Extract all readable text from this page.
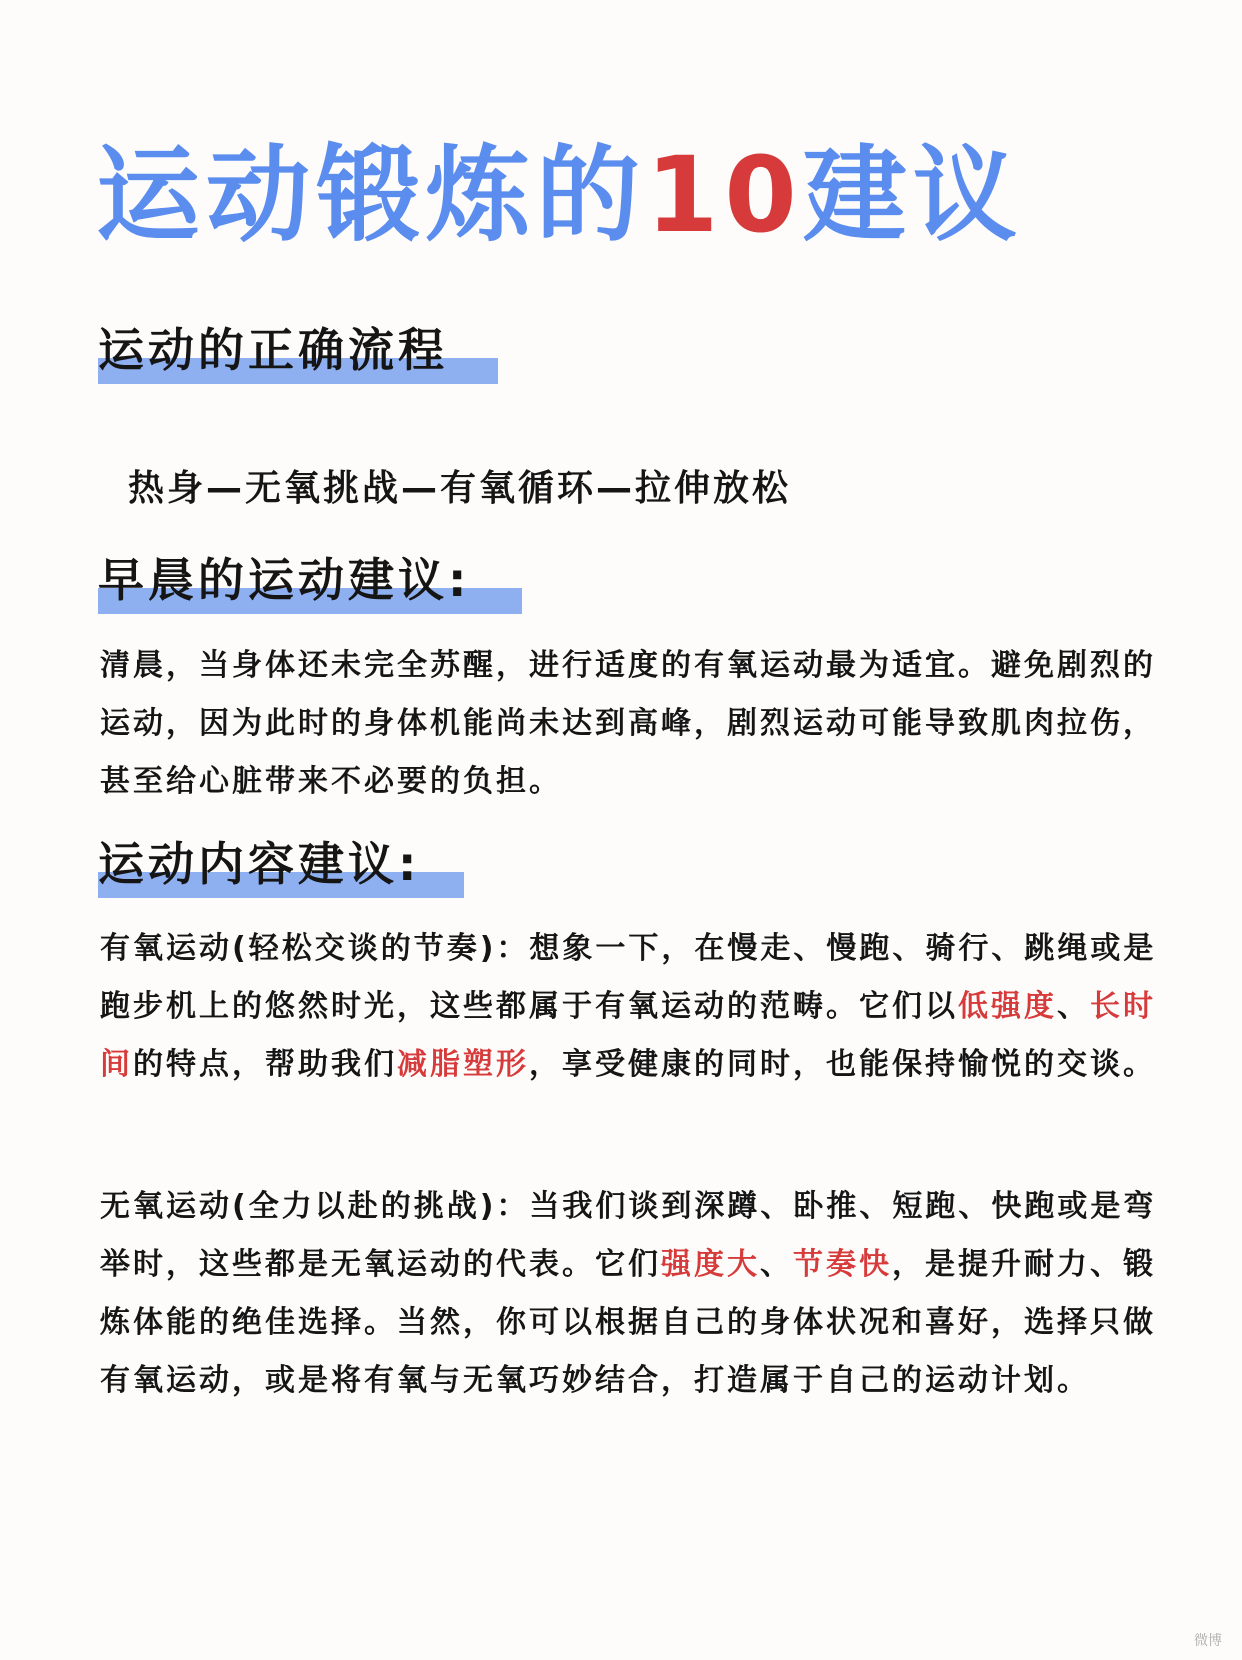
运动锻炼的10建议
运动的正确流程
热身—无氧挑战—有氧循环—拉伸放松
早晨的运动建议:

清晨，当身体还未完全苏醒，进行适度的有氧运动最为适宜。避免剧烈的运动，因为此时的身体机能尚未达到高峰，剧烈运动可能导致肌肉拉伤，甚至给心脏带来不必要的负担。

运动内容建议:

有氧运动(轻松交谈的节奏)：想象一下，在慢走、慢跑、骑行、跳绳或是跑步机上的悠然时光，这些都属于有氧运动的范畴。它们以低强度、长时间的特点，帮助我们减脂塑形，享受健康的同时，也能保持愉悦的交谈。

无氧运动(全力以赴的挑战)：当我们谈到深蹲、卧推、短跑、快跑或是弯举时，这些都是无氧运动的代表。它们强度大、节奏快，是提升耐力、锻炼体能的绝佳选择。当然，你可以根据自己的身体状况和喜好，选择只做有氧运动，或是将有氧与无氧巧妙结合，打造属于自己的运动计划。

微博
